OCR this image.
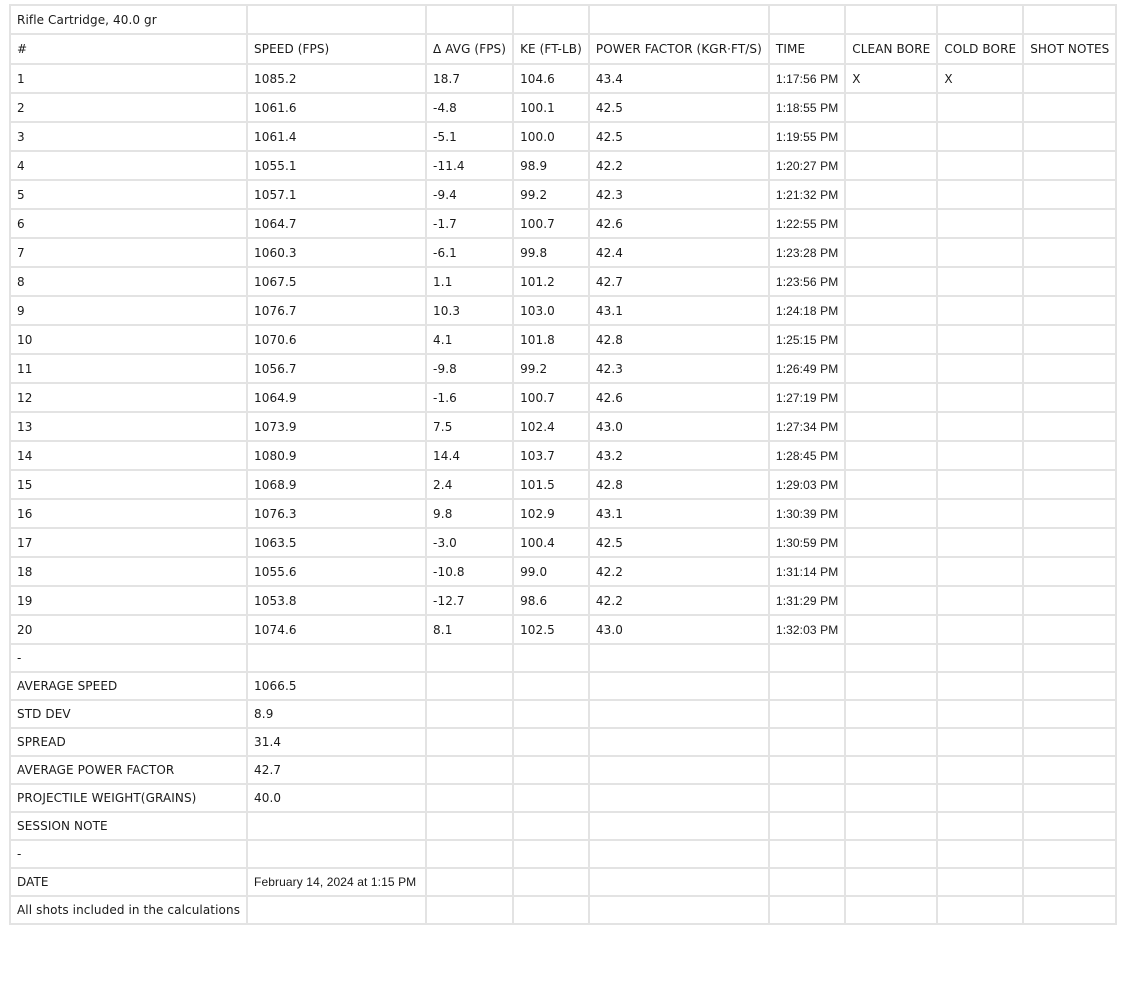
Rifle Cartridge, 40.0 gr								
#	SPEED (FPS)	Δ AVG (FPS)	KE (FT-LB)	POWER FACTOR (KGR⋅FT/S)	TIME	CLEAN BORE	COLD BORE	SHOT NOTES
1	1085.2	18.7	104.6	43.4	1:17:56 PM	X	X	
2	1061.6	-4.8	100.1	42.5	1:18:55 PM			
3	1061.4	-5.1	100.0	42.5	1:19:55 PM			
4	1055.1	-11.4	98.9	42.2	1:20:27 PM			
5	1057.1	-9.4	99.2	42.3	1:21:32 PM			
6	1064.7	-1.7	100.7	42.6	1:22:55 PM			
7	1060.3	-6.1	99.8	42.4	1:23:28 PM			
8	1067.5	1.1	101.2	42.7	1:23:56 PM			
9	1076.7	10.3	103.0	43.1	1:24:18 PM			
10	1070.6	4.1	101.8	42.8	1:25:15 PM			
11	1056.7	-9.8	99.2	42.3	1:26:49 PM			
12	1064.9	-1.6	100.7	42.6	1:27:19 PM			
13	1073.9	7.5	102.4	43.0	1:27:34 PM			
14	1080.9	14.4	103.7	43.2	1:28:45 PM			
15	1068.9	2.4	101.5	42.8	1:29:03 PM			
16	1076.3	9.8	102.9	43.1	1:30:39 PM			
17	1063.5	-3.0	100.4	42.5	1:30:59 PM			
18	1055.6	-10.8	99.0	42.2	1:31:14 PM			
19	1053.8	-12.7	98.6	42.2	1:31:29 PM			
20	1074.6	8.1	102.5	43.0	1:32:03 PM			
-								
AVERAGE SPEED	1066.5							
STD DEV	8.9							
SPREAD	31.4							
AVERAGE POWER FACTOR	42.7							
PROJECTILE WEIGHT(GRAINS)	40.0							
SESSION NOTE								
-								
DATE	February 14, 2024 at 1:15 PM							
All shots included in the calculations								
